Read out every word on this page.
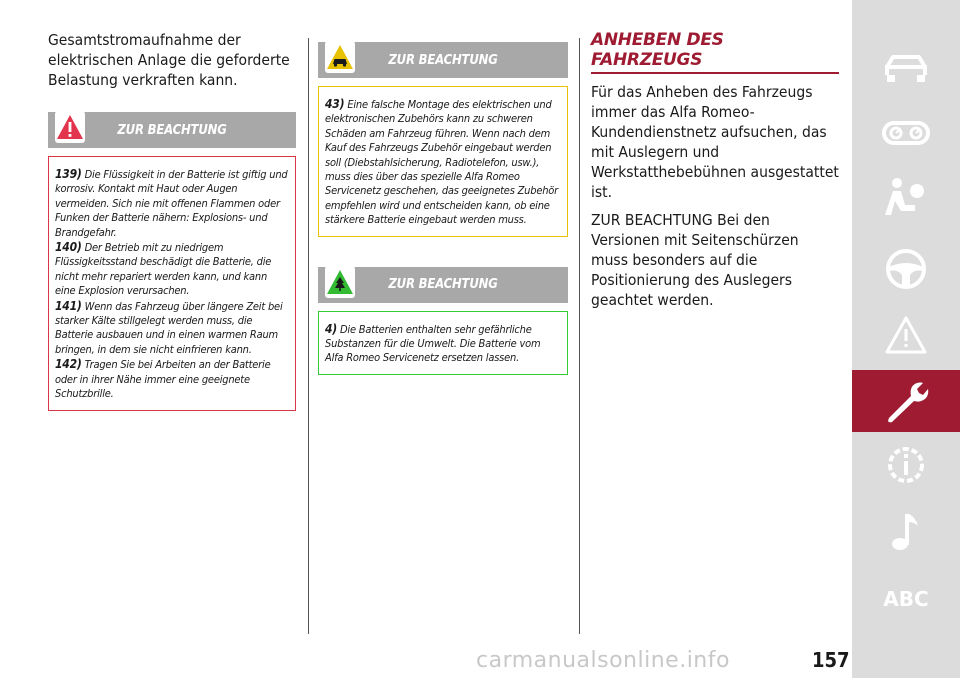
Gesamtstromaufnahme der elektrischen Anlage die geforderte Belastung verkraften kann.

ZUR BEACHTUNG

139) Die Flüssigkeit in der Batterie ist giftig und korrosiv. Kontakt mit Haut oder Augen vermeiden. Sich nie mit offenen Flammen oder Funken der Batterie nähern: Explosions- und Brandgefahr.

140) Der Betrieb mit zu niedrigem Flüssigkeitsstand beschädigt die Batterie, die nicht mehr repariert werden kann, und kann eine Explosion verursachen.

141) Wenn das Fahrzeug über längere Zeit bei starker Kälte stillgelegt werden muss, die Batterie ausbauen und in einen warmen Raum bringen, in dem sie nicht einfrieren kann.

142) Tragen Sie bei Arbeiten an der Batterie oder in ihrer Nähe immer eine geeignete Schutzbrille.

ZUR BEACHTUNG

43) Eine falsche Montage des elektrischen und elektronischen Zubehörs kann zu schweren Schäden am Fahrzeug führen. Wenn nach dem Kauf des Fahrzeugs Zubehör eingebaut werden soll (Diebstahlsicherung, Radiotelefon, usw.), muss dies über das spezielle Alfa Romeo Servicenetz geschehen, das geeignetes Zubehör empfehlen wird und entscheiden kann, ob eine stärkere Batterie eingebaut werden muss.

ZUR BEACHTUNG

4) Die Batterien enthalten sehr gefährliche Substanzen für die Umwelt. Die Batterie vom Alfa Romeo Servicenetz ersetzen lassen.

ANHEBEN DES FAHRZEUGS

Für das Anheben des Fahrzeugs immer das Alfa Romeo-Kundendienstnetz aufsuchen, das mit Auslegern und Werkstatthebebühnen ausgestattet ist.

ZUR BEACHTUNG Bei den Versionen mit Seitenschürzen muss besonders auf die Positionierung des Auslegers geachtet werden.

ABC
carmanualsonline.info	157
